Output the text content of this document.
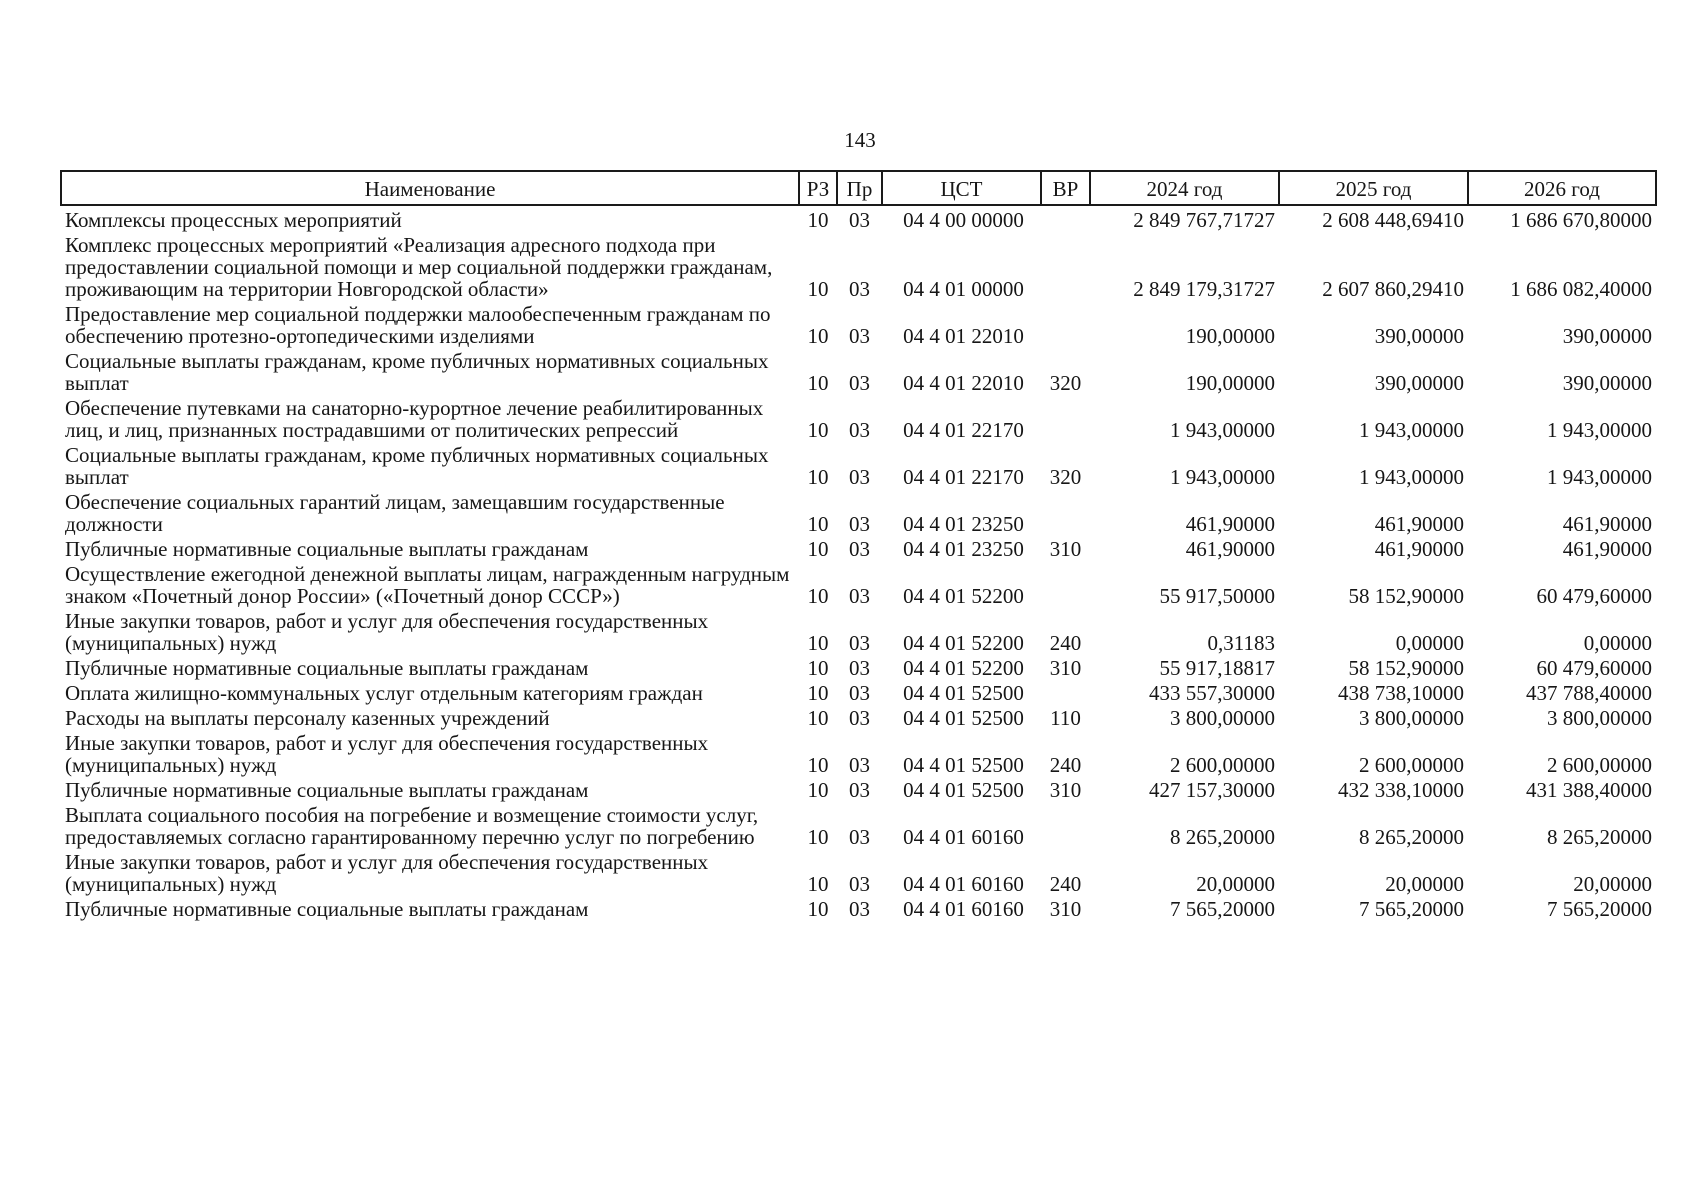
143
Наименование	РЗ	Пр	ЦСТ	ВР	2024 год	2025 год	2026 год
Комплексы процессных мероприятий	10	03	04 4 00 00000		2 849 767,71727	2 608 448,69410	1 686 670,80000
Комплекс процессных мероприятий «Реализация адресного подхода при предоставлении социальной помощи и мер социальной поддержки гражданам, проживающим на территории Новгородской области»	10	03	04 4 01 00000		2 849 179,31727	2 607 860,29410	1 686 082,40000
Предоставление мер социальной поддержки малообеспеченным гражданам по обеспечению протезно-ортопедическими изделиями	10	03	04 4 01 22010		190,00000	390,00000	390,00000
Социальные выплаты гражданам, кроме публичных нормативных социальных выплат	10	03	04 4 01 22010	320	190,00000	390,00000	390,00000
Обеспечение путевками на санаторно-курортное лечение реабилитированных лиц, и лиц, признанных пострадавшими от политических репрессий	10	03	04 4 01 22170		1 943,00000	1 943,00000	1 943,00000
Социальные выплаты гражданам, кроме публичных нормативных социальных выплат	10	03	04 4 01 22170	320	1 943,00000	1 943,00000	1 943,00000
Обеспечение социальных гарантий лицам, замещавшим государственные должности	10	03	04 4 01 23250		461,90000	461,90000	461,90000
Публичные нормативные социальные выплаты гражданам	10	03	04 4 01 23250	310	461,90000	461,90000	461,90000
Осуществление ежегодной денежной выплаты лицам, награжденным нагрудным знаком «Почетный донор России» («Почетный донор СССР»)	10	03	04 4 01 52200		55 917,50000	58 152,90000	60 479,60000
Иные закупки товаров, работ и услуг для обеспечения государственных (муниципальных) нужд	10	03	04 4 01 52200	240	0,31183	0,00000	0,00000
Публичные нормативные социальные выплаты гражданам	10	03	04 4 01 52200	310	55 917,18817	58 152,90000	60 479,60000
Оплата жилищно-коммунальных услуг отдельным категориям граждан	10	03	04 4 01 52500		433 557,30000	438 738,10000	437 788,40000
Расходы на выплаты персоналу казенных учреждений	10	03	04 4 01 52500	110	3 800,00000	3 800,00000	3 800,00000
Иные закупки товаров, работ и услуг для обеспечения государственных (муниципальных) нужд	10	03	04 4 01 52500	240	2 600,00000	2 600,00000	2 600,00000
Публичные нормативные социальные выплаты гражданам	10	03	04 4 01 52500	310	427 157,30000	432 338,10000	431 388,40000
Выплата социального пособия на погребение и возмещение стоимости услуг, предоставляемых согласно гарантированному перечню услуг по погребению	10	03	04 4 01 60160		8 265,20000	8 265,20000	8 265,20000
Иные закупки товаров, работ и услуг для обеспечения государственных (муниципальных) нужд	10	03	04 4 01 60160	240	20,00000	20,00000	20,00000
Публичные нормативные социальные выплаты гражданам	10	03	04 4 01 60160	310	7 565,20000	7 565,20000	7 565,20000
